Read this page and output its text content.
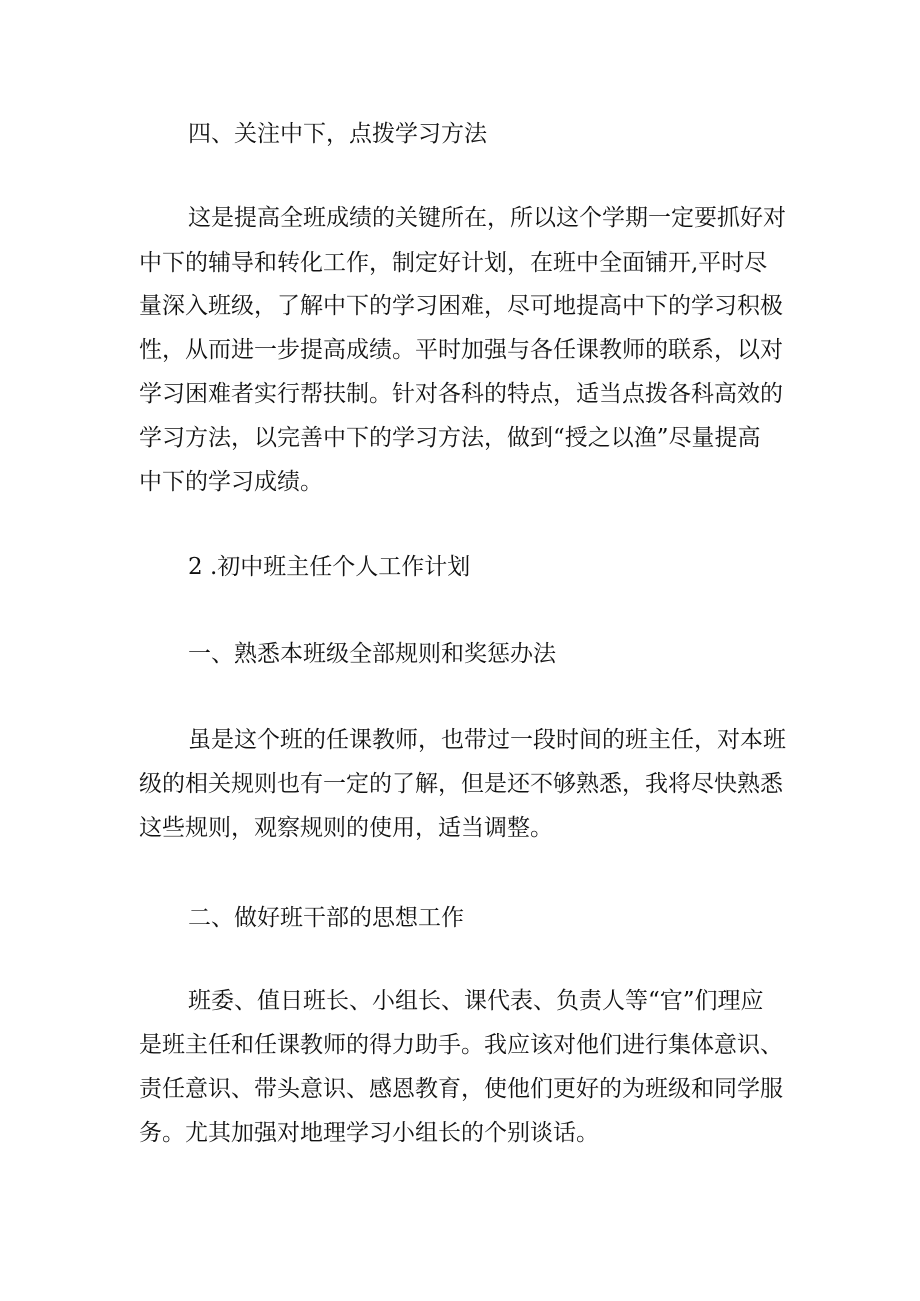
四、关注中下，点拨学习方法
这是提高全班成绩的关键所在，所以这个学期一定要抓好对
中下的辅导和转化工作，制定好计划，在班中全面铺开,平时尽
量深入班级，了解中下的学习困难，尽可地提高中下的学习积极
性，从而进一步提高成绩。平时加强与各任课教师的联系，以对
学习困难者实行帮扶制。针对各科的特点，适当点拨各科高效的
学习方法，以完善中下的学习方法，做到“授之以渔”尽量提高
中下的学习成绩。
2 .初中班主任个人工作计划
一、熟悉本班级全部规则和奖惩办法
虽是这个班的任课教师，也带过一段时间的班主任，对本班
级的相关规则也有一定的了解，但是还不够熟悉，我将尽快熟悉
这些规则，观察规则的使用，适当调整。
二、做好班干部的思想工作
班委、值日班长、小组长、课代表、负责人等“官”们理应
是班主任和任课教师的得力助手。我应该对他们进行集体意识、
责任意识、带头意识、感恩教育，使他们更好的为班级和同学服
务。尤其加强对地理学习小组长的个别谈话。
